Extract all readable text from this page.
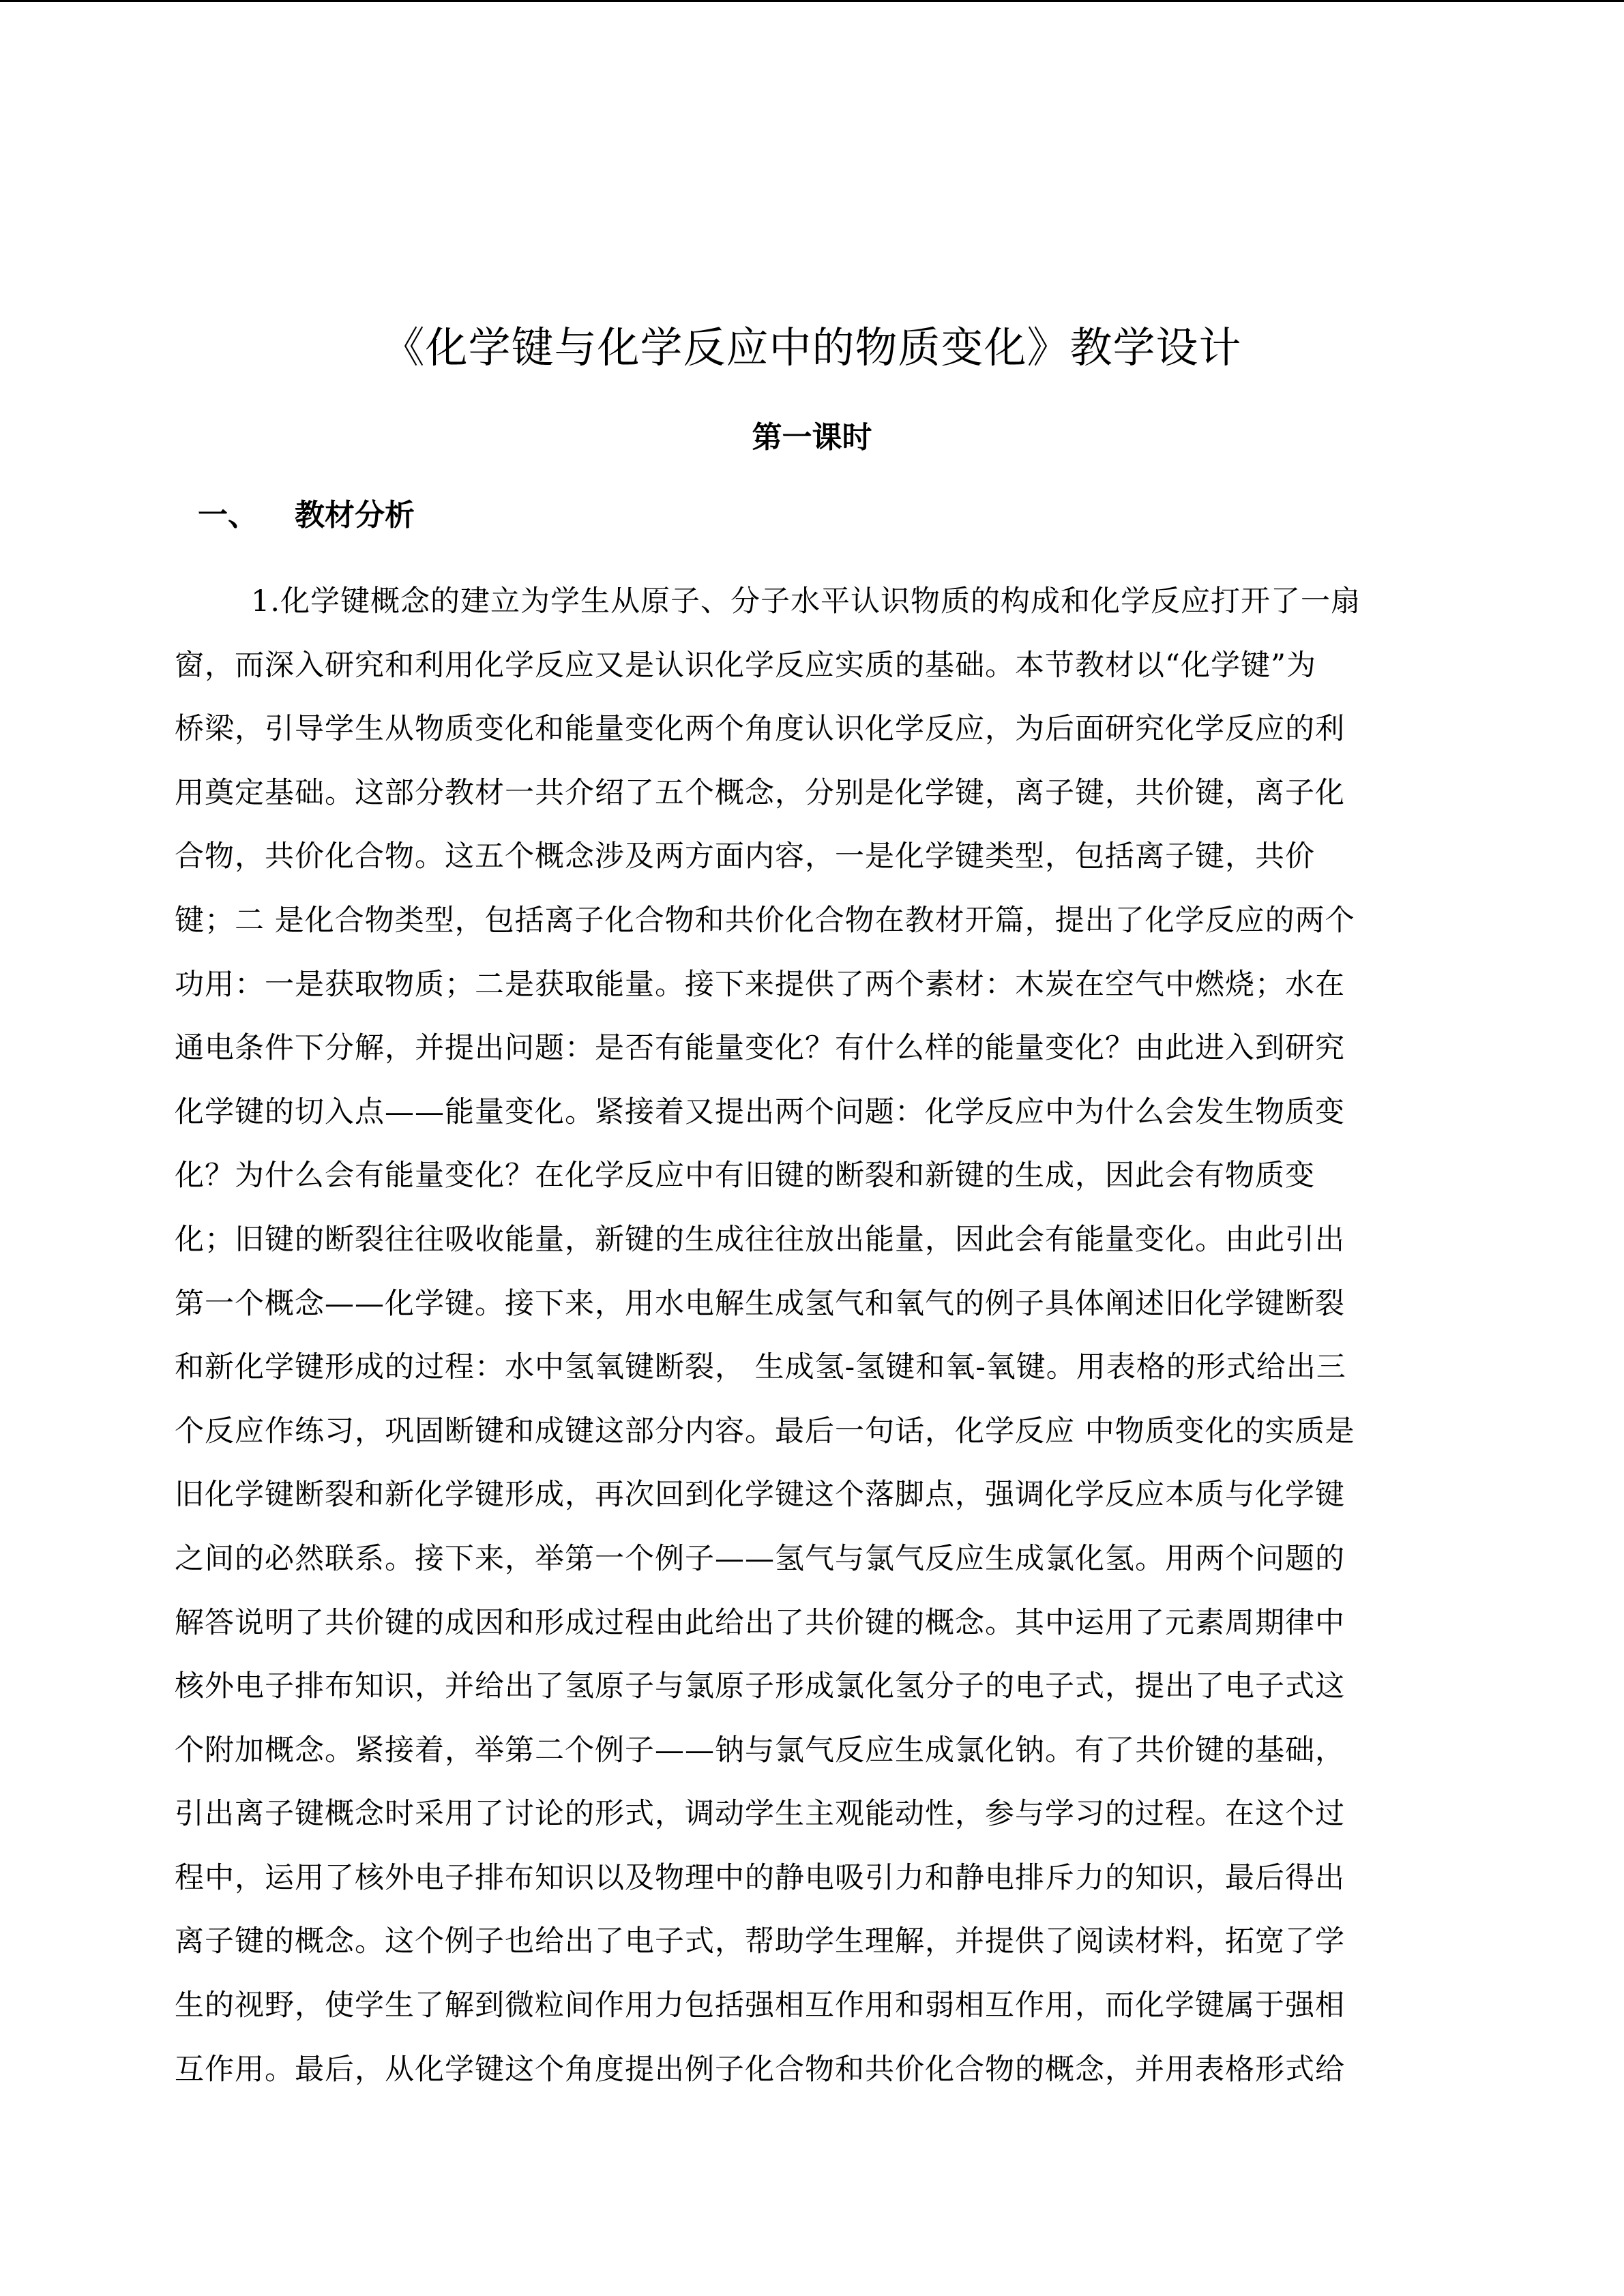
《化学键与化学反应中的物质变化》教学设计
第一课时
一、 教材分析
1.化学键概念的建立为学生从原子、分子水平认识物质的构成和化学反应打开了一扇
窗，而深入研究和利用化学反应又是认识化学反应实质的基础。本节教材以“化学键”为
桥梁，引导学生从物质变化和能量变化两个角度认识化学反应，为后面研究化学反应的利
用奠定基础。这部分教材一共介绍了五个概念，分别是化学键，离子键，共价键，离子化
合物，共价化合物。这五个概念涉及两方面内容，一是化学键类型，包括离子键，共价
键；二 是化合物类型，包括离子化合物和共价化合物在教材开篇，提出了化学反应的两个
功用：一是获取物质；二是获取能量。接下来提供了两个素材：木炭在空气中燃烧；水在
通电条件下分解，并提出问题：是否有能量变化？有什么样的能量变化？由此进入到研究
化学键的切入点——能量变化。紧接着又提出两个问题：化学反应中为什么会发生物质变
化？为什么会有能量变化？在化学反应中有旧键的断裂和新键的生成，因此会有物质变
化；旧键的断裂往往吸收能量，新键的生成往往放出能量，因此会有能量变化。由此引出
第一个概念——化学键。接下来，用水电解生成氢气和氧气的例子具体阐述旧化学键断裂
和新化学键形成的过程：水中氢氧键断裂， 生成氢-氢键和氧-氧键。用表格的形式给出三
个反应作练习，巩固断键和成键这部分内容。最后一句话，化学反应 中物质变化的实质是
旧化学键断裂和新化学键形成，再次回到化学键这个落脚点，强调化学反应本质与化学键
之间的必然联系。接下来，举第一个例子——氢气与氯气反应生成氯化氢。用两个问题的
解答说明了共价键的成因和形成过程由此给出了共价键的概念。其中运用了元素周期律中
核外电子排布知识，并给出了氢原子与氯原子形成氯化氢分子的电子式，提出了电子式这
个附加概念。紧接着，举第二个例子——钠与氯气反应生成氯化钠。有了共价键的基础，
引出离子键概念时采用了讨论的形式，调动学生主观能动性，参与学习的过程。在这个过
程中，运用了核外电子排布知识以及物理中的静电吸引力和静电排斥力的知识，最后得出
离子键的概念。这个例子也给出了电子式，帮助学生理解，并提供了阅读材料，拓宽了学
生的视野，使学生了解到微粒间作用力包括强相互作用和弱相互作用，而化学键属于强相
互作用。最后，从化学键这个角度提出例子化合物和共价化合物的概念，并用表格形式给
